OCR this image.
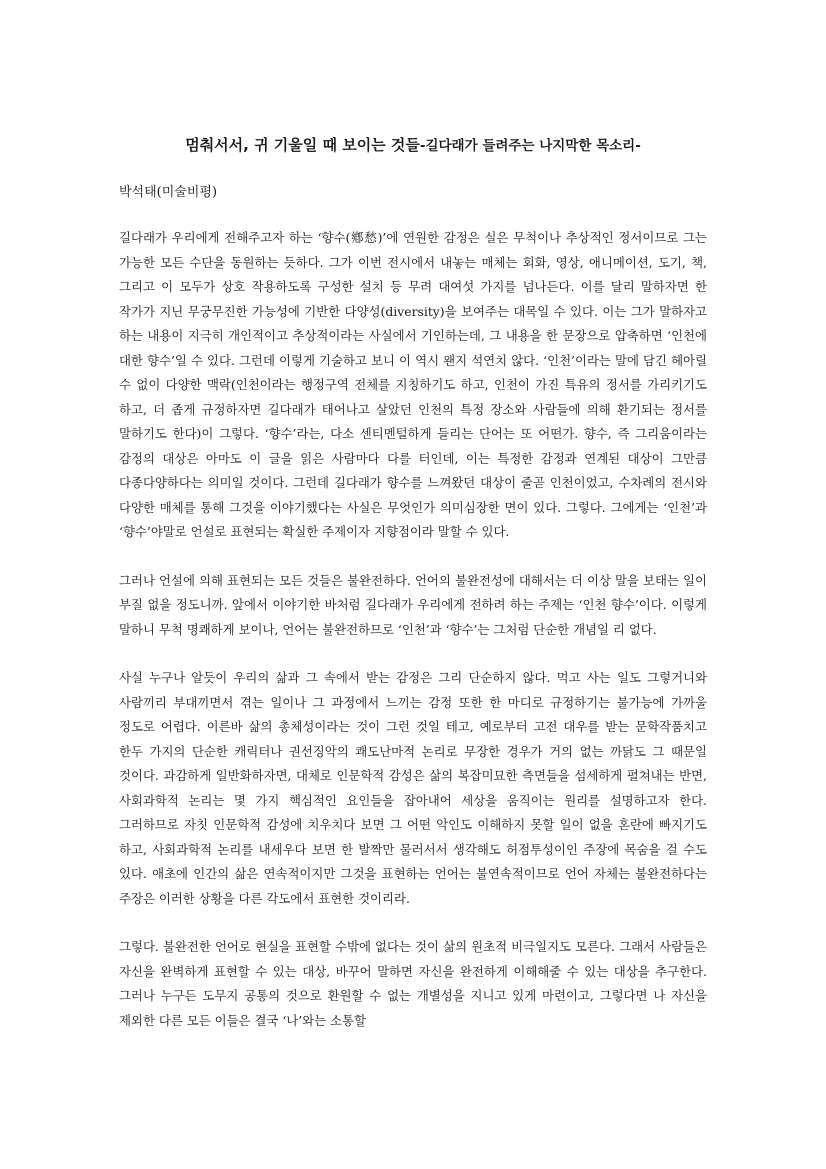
멈춰서서, 귀 기울일 때 보이는 것들-길다래가 들려주는 나지막한 목소리-
박석태(미술비평)

길다래가 우리에게 전해주고자 하는 ‘향수(鄕愁)’에 연원한 감정은 실은 무척이나 추상적인 정서이므로 그는 가능한 모든 수단을 동원하는 듯하다. 그가 이번 전시에서 내놓는 매체는 회화, 영상, 애니메이션, 도기, 책, 그리고 이 모두가 상호 작용하도록 구성한 설치 등 무려 대여섯 가지를 넘나든다. 이를 달리 말하자면 한 작가가 지닌 무궁무진한 가능성에 기반한 다양성(diversity)을 보여주는 대목일 수 있다. 이는 그가 말하자고 하는 내용이 지극히 개인적이고 추상적이라는 사실에서 기인하는데, 그 내용을 한 문장으로 압축하면 ‘인천에 대한 향수’일 수 있다. 그런데 이렇게 기술하고 보니 이 역시 왠지 석연치 않다. ‘인천’이라는 말에 담긴 헤아릴 수 없이 다양한 맥락(인천이라는 행정구역 전체를 지칭하기도 하고, 인천이 가진 특유의 정서를 가리키기도 하고, 더 좁게 규정하자면 길다래가 태어나고 살았던 인천의 특정 장소와 사람들에 의해 환기되는 정서를 말하기도 한다)이 그렇다. ‘향수’라는, 다소 센티멘털하게 들리는 단어는 또 어떤가. 향수, 즉 그리움이라는 감정의 대상은 아마도 이 글을 읽은 사람마다 다를 터인데, 이는 특정한 감정과 연계된 대상이 그만큼 다종다양하다는 의미일 것이다. 그런데 길다래가 향수를 느껴왔던 대상이 줄곧 인천이었고, 수차례의 전시와 다양한 매체를 통해 그것을 이야기했다는 사실은 무엇인가 의미심장한 면이 있다. 그렇다. 그에게는 ‘인천’과 ‘향수’야말로 언설로 표현되는 확실한 주제이자 지향점이라 말할 수 있다.

그러나 언설에 의해 표현되는 모든 것들은 불완전하다. 언어의 불완전성에 대해서는 더 이상 말을 보태는 일이 부질 없을 정도니까. 앞에서 이야기한 바처럼 길다래가 우리에게 전하려 하는 주제는 ‘인천 향수’이다. 이렇게 말하니 무척 명쾌하게 보이나, 언어는 불완전하므로 ‘인천’과 ‘향수’는 그처럼 단순한 개념일 리 없다.

사실 누구나 알듯이 우리의 삶과 그 속에서 받는 감정은 그리 단순하지 않다. 먹고 사는 일도 그렇거니와 사람끼리 부대끼면서 겪는 일이나 그 과정에서 느끼는 감정 또한 한 마디로 규정하기는 불가능에 가까울 정도로 어렵다. 이른바 삶의 총체성이라는 것이 그런 것일 테고, 예로부터 고전 대우를 받는 문학작품치고 한두 가지의 단순한 캐릭터나 권선징악의 쾌도난마적 논리로 무장한 경우가 거의 없는 까닭도 그 때문일 것이다. 과감하게 일반화하자면, 대체로 인문학적 감성은 삶의 복잡미묘한 측면들을 섬세하게 펼쳐내는 반면, 사회과학적 논리는 몇 가지 핵심적인 요인들을 잡아내어 세상을 움직이는 원리를 설명하고자 한다. 그러하므로 자칫 인문학적 감성에 치우치다 보면 그 어떤 악인도 이해하지 못할 일이 없을 혼란에 빠지기도 하고, 사회과학적 논리를 내세우다 보면 한 발짝만 물러서서 생각해도 허점투성이인 주장에 목숨을 걸 수도 있다. 애초에 인간의 삶은 연속적이지만 그것을 표현하는 언어는 불연속적이므로 언어 자체는 불완전하다는 주장은 이러한 상황을 다른 각도에서 표현한 것이리라.

그렇다. 불완전한 언어로 현실을 표현할 수밖에 없다는 것이 삶의 원초적 비극일지도 모른다. 그래서 사람들은 자신을 완벽하게 표현할 수 있는 대상, 바꾸어 말하면 자신을 완전하게 이해해줄 수 있는 대상을 추구한다. 그러나 누구든 도무지 공통의 것으로 환원할 수 없는 개별성을 지니고 있게 마련이고, 그렇다면 나 자신을 제외한 다른 모든 이들은 결국 ‘나’와는 소통할
